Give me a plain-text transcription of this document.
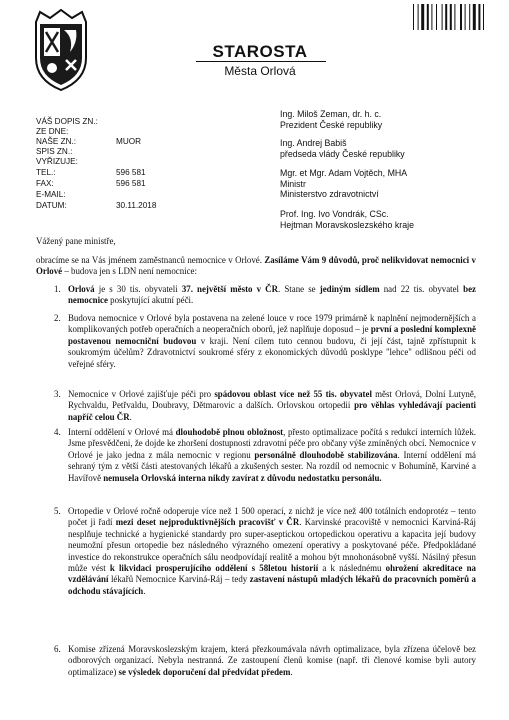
STAROSTA
Města Orlová
VÁŠ DOPIS ZN.:
ZE DNE:
NAŠE ZN.:	MUOR
SPIS ZN.:
VYŘIZUJE:
TEL.:	596 581
FAX:	596 581
E-MAIL:
DATUM:	30.11.2018
Ing. Miloš Zeman, dr. h. c.
Prezident České republiky
Ing. Andrej Babiš
předseda vlády České republiky
Mgr. et Mgr. Adam Vojtěch, MHA
Ministr
Ministerstvo zdravotnictví
Prof. Ing. Ivo Vondrák, CSc.
Hejtman Moravskoslezského kraje
Vážený pane ministře,
obracíme se na Vás jménem zaměstnanců nemocnice v Orlové. Zasíláme Vám 9 důvodů, proč nelikvidovat nemocnici v Orlové – budova jen s LDN není nemocnice:
1. Orlová je s 30 tis. obyvateli 37. největší město v ČR. Stane se jediným sídlem nad 22 tis. obyvatel bez nemocnice poskytující akutní péči.
2. Budova nemocnice v Orlové byla postavena na zelené louce v roce 1979 primárně k naplnění nejmodernějších a komplikovaných potřeb operačních a neoperačních oborů, jež naplňuje doposud – je první a poslední komplexně postavenou nemocniční budovou v kraji. Není cílem tuto cennou budovu, či její část, tajně zpřístupnit k soukromým účelům? Zdravotnictví soukromé sféry z ekonomických důvodů posklype "lehce" odlišnou péči od veřejné sféry.
3. Nemocnice v Orlové zajišťuje péči pro spádovou oblast více než 55 tis. obyvatel měst Orlová, Dolní Lutyně, Rychvaldu, Petřvaldu, Doubravy, Dětmarovic a dalších. Orlovskou ortopedii pro věhlas vyhledávají pacienti napříč celou ČR.
4. Interní oddělení v Orlové má dlouhodobě plnou obložnost, přesto optimalizace počítá s redukcí interních lůžek. Jsme přesvědčeni, že dojde ke zhoršení dostupnosti zdravotní péče pro občany výše zmíněných obcí. Nemocnice v Orlové je jako jedna z mála nemocnic v regionu personálně dlouhodobě stabilizována. Interní oddělení má sehraný tým z větší části atestovaných lékařů a zkušených sester. Na rozdíl od nemocnic v Bohumíně, Karviné a Havířově nemusela Orlovská interna nikdy zavírat z důvodu nedostatku personálu.
5. Ortopedie v Orlové ročně odoperuje více než 1 500 operací, z nichž je více než 400 totálních endoprotéz – tento počet ji řadí mezi deset nejproduktivnějších pracovišť v ČR. Karvinské pracoviště v nemocnici Karviná-Ráj nesplňuje technické a hygienické standardy pro super-aseptickou ortopedickou operativu a kapacita její budovy neumožní přesun ortopedie bez následného výrazného omezení operativy a poskytované péče. Předpokládané investice do rekonstrukce operačních sálu neodpovídají realitě a mohou být mnohonásobně vyšší. Násilný přesun může vést k likvidaci prosperujícího oddělení s 58letou historií a k následnému ohrožení akreditace na vzdělávání lékařů Nemocnice Karviná-Ráj – tedy zastavení nástupů mladých lékařů do pracovních poměrů a odchodu stávajících.
6. Komise zřízená Moravskoslezským krajem, která přezkoumávala návrh optimalizace, byla zřízena účelově bez odborových organizací. Nebyla nestranná. Ze zastoupení členů komise (např. tři členové komise byli autory optimalizace) se výsledek doporučení dal předvídat předem.
